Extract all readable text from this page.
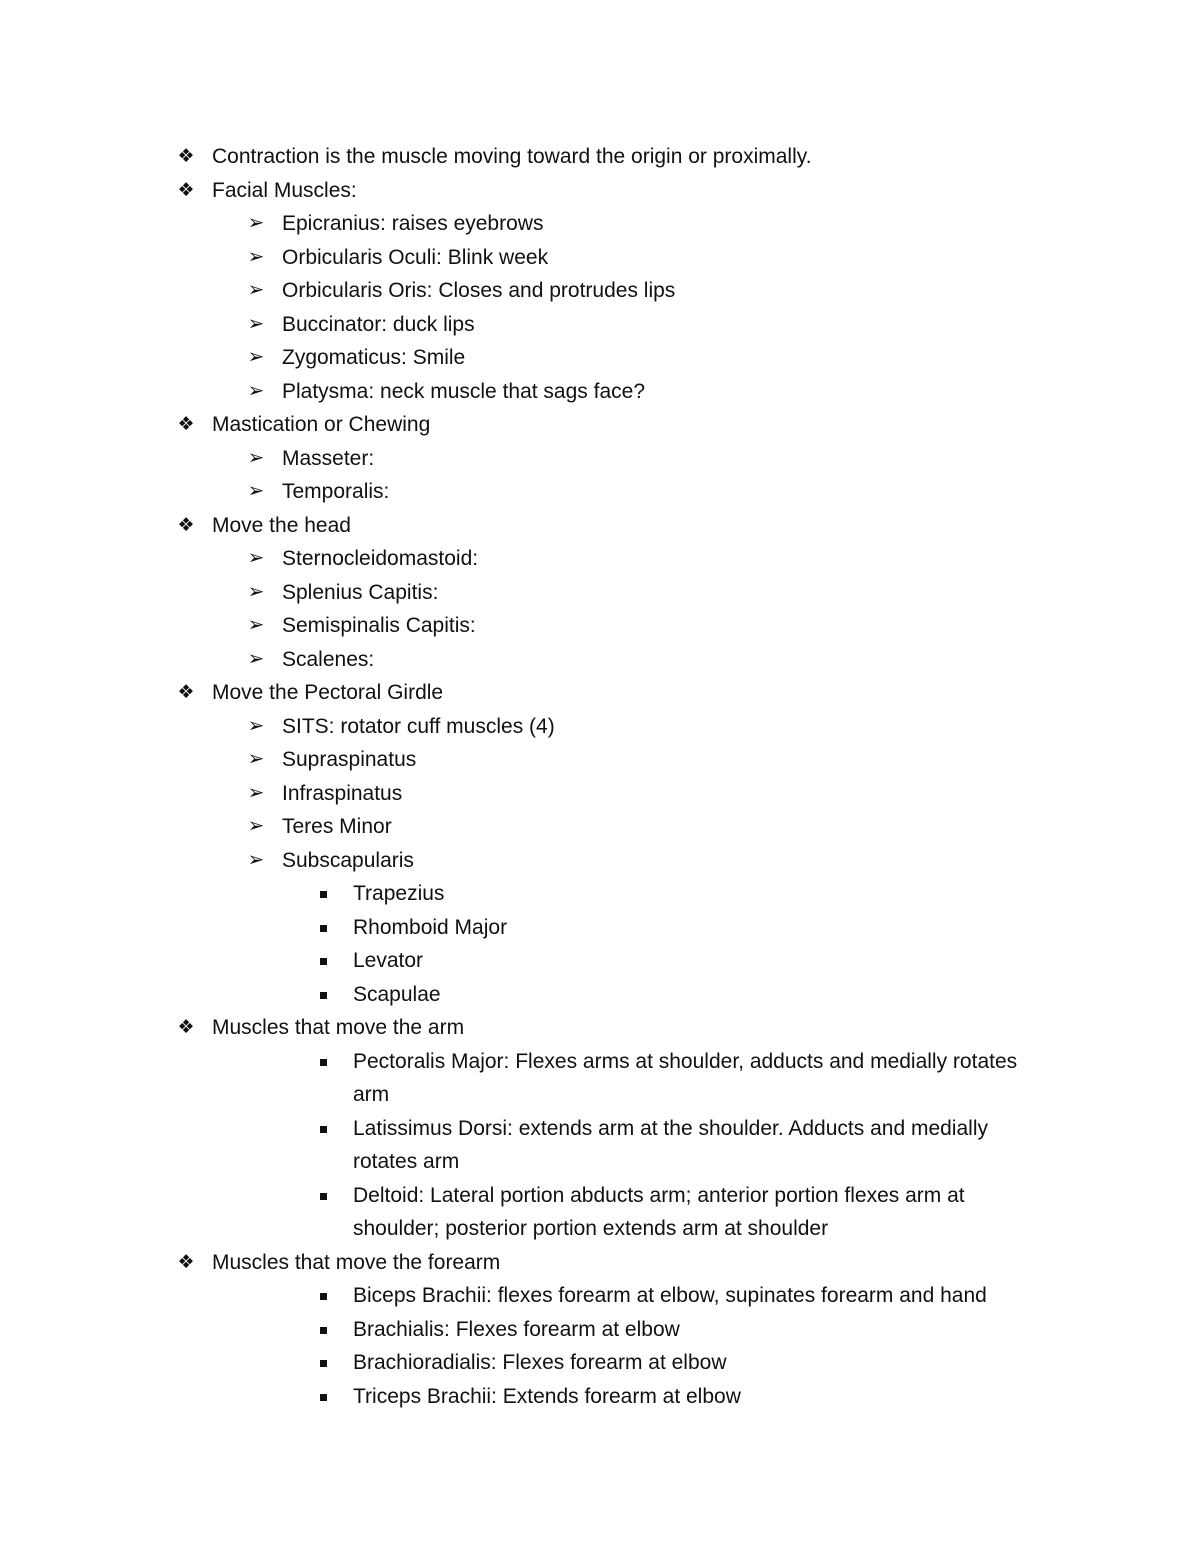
❖ Contraction is the muscle moving toward the origin or proximally.
❖ Facial Muscles:
➢ Epicranius: raises eyebrows
➢ Orbicularis Oculi: Blink week
➢ Orbicularis Oris: Closes and protrudes lips
➢ Buccinator: duck lips
➢ Zygomaticus: Smile
➢ Platysma: neck muscle that sags face?
❖ Mastication or Chewing
➢ Masseter:
➢ Temporalis:
❖ Move the head
➢ Sternocleidomastoid:
➢ Splenius Capitis:
➢ Semispinalis Capitis:
➢ Scalenes:
❖ Move the Pectoral Girdle
➢ SITS: rotator cuff muscles (4)
➢ Supraspinatus
➢ Infraspinatus
➢ Teres Minor
➢ Subscapularis
Trapezius
Rhomboid Major
Levator
Scapulae
❖ Muscles that move the arm
Pectoralis Major: Flexes arms at shoulder, adducts and medially rotates arm
Latissimus Dorsi: extends arm at the shoulder. Adducts and medially rotates arm
Deltoid: Lateral portion abducts arm; anterior portion flexes arm at shoulder; posterior portion extends arm at shoulder
❖ Muscles that move the forearm
Biceps Brachii: flexes forearm at elbow, supinates forearm and hand
Brachialis: Flexes forearm at elbow
Brachioradialis: Flexes forearm at elbow
Triceps Brachii: Extends forearm at elbow
